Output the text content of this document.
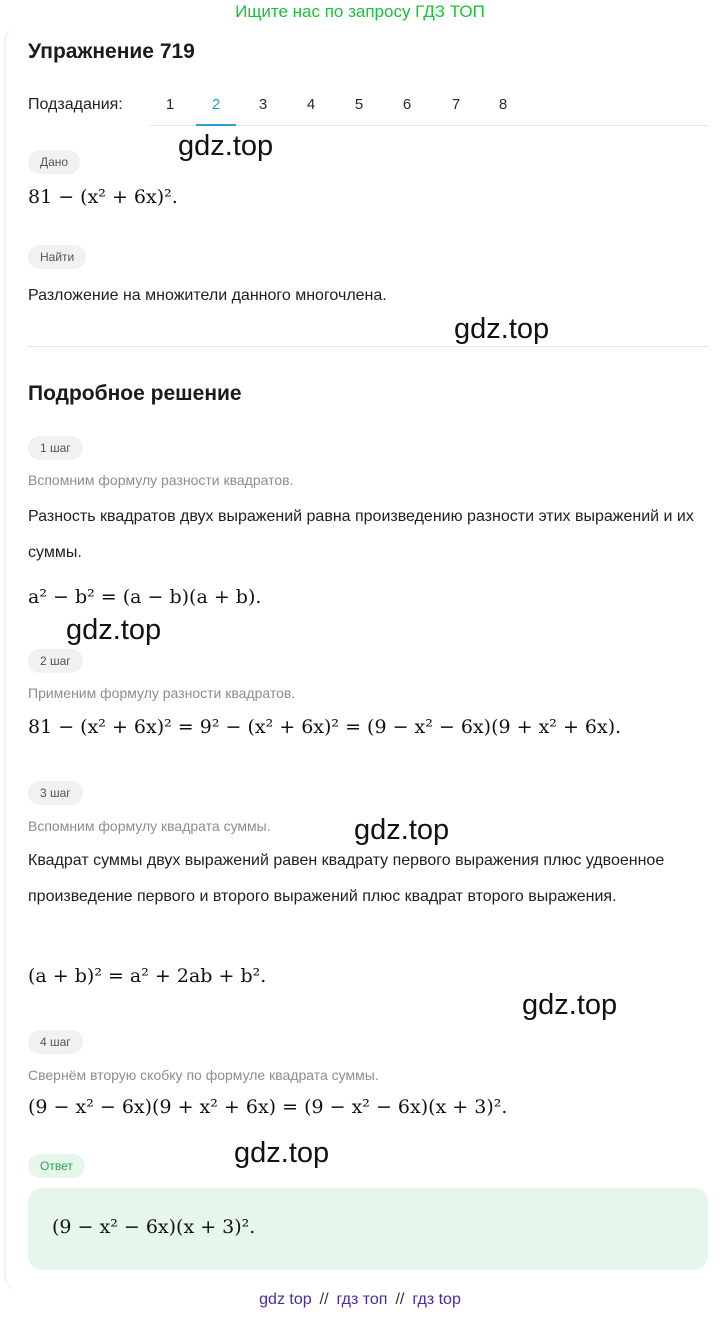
Ищите нас по запросу ГДЗ ТОП
Упражнение 719
Подзадания:	1	2	3	4	5	6	7	8
Дано
81 − (x² + 6x)².
Найти
Разложение на множители данного многочлена.
Подробное решение
1 шаг
Вспомним формулу разности квадратов.
Разность квадратов двух выражений равна произведению разности этих выражений и их суммы.
a² − b² = (a − b)(a + b).
2 шаг
Применим формулу разности квадратов.
81 − (x² + 6x)² = 9² − (x² + 6x)² = (9 − x² − 6x)(9 + x² + 6x).
3 шаг
Вспомним формулу квадрата суммы.
Квадрат суммы двух выражений равен квадрату первого выражения плюс удвоенное произведение первого и второго выражений плюс квадрат второго выражения.
(a + b)² = a² + 2ab + b².
4 шаг
Свернём вторую скобку по формуле квадрата суммы.
(9 − x² − 6x)(9 + x² + 6x) = (9 − x² − 6x)(x + 3)².
Ответ
(9 − x² − 6x)(x + 3)².
gdz.top
gdz.top
gdz.top
gdz.top
gdz.top
gdz.top
gdz top // гдз топ // гдз top
